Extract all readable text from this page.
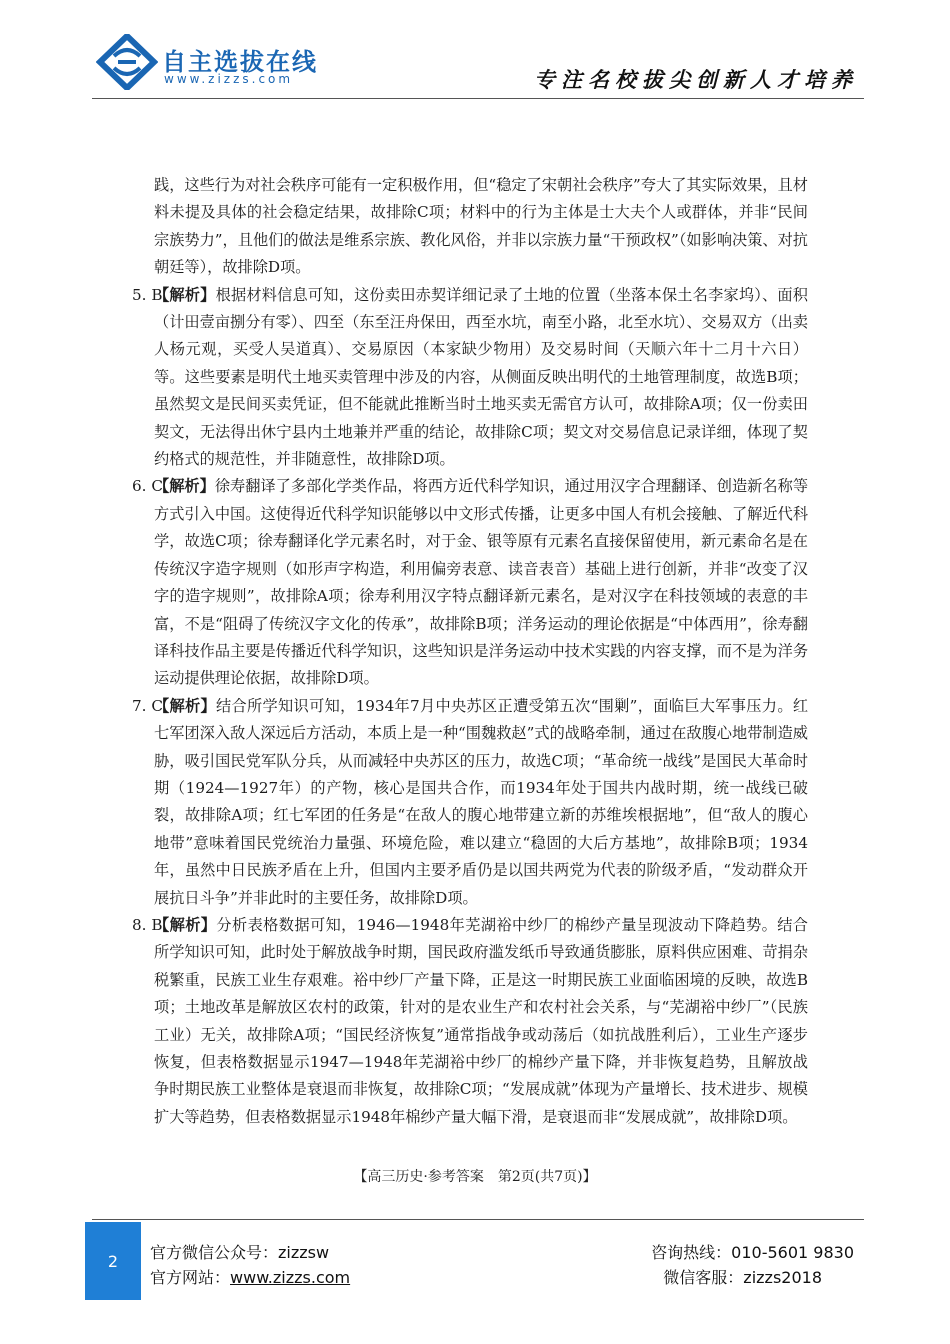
自主选拔在线
www.zizzs.com	专注名校拔尖创新人才培养

践，这些行为对社会秩序可能有一定积极作用，但“稳定了宋朝社会秩序”夸大了其实际效果，且材料未提及具体的社会稳定结果，故排除C项；材料中的行为主体是士大夫个人或群体，并非“民间宗族势力”，且他们的做法是维系宗族、教化风俗，并非以宗族力量“干预政权”（如影响决策、对抗朝廷等），故排除D项。

5. B
【解析】根据材料信息可知，这份卖田赤契详细记录了土地的位置（坐落本保土名李家坞）、面积（计田壹亩捌分有零）、四至（东至汪舟保田，西至水坑，南至小路，北至水坑）、交易双方（出卖人杨元观，买受人吴道真）、交易原因（本家缺少物用）及交易时间（天顺六年十二月十六日）等。这些要素是明代土地买卖管理中涉及的内容，从侧面反映出明代的土地管理制度，故选B项；虽然契文是民间买卖凭证，但不能就此推断当时土地买卖无需官方认可，故排除A项；仅一份卖田契文，无法得出休宁县内土地兼并严重的结论，故排除C项；契文对交易信息记录详细，体现了契约格式的规范性，并非随意性，故排除D项。

6. C
【解析】徐寿翻译了多部化学类作品，将西方近代科学知识，通过用汉字合理翻译、创造新名称等方式引入中国。这使得近代科学知识能够以中文形式传播，让更多中国人有机会接触、了解近代科学，故选C项；徐寿翻译化学元素名时，对于金、银等原有元素名直接保留使用，新元素命名是在传统汉字造字规则（如形声字构造，利用偏旁表意、读音表音）基础上进行创新，并非“改变了汉字的造字规则”，故排除A项；徐寿利用汉字特点翻译新元素名，是对汉字在科技领域的表意的丰富，不是“阻碍了传统汉字文化的传承”，故排除B项；洋务运动的理论依据是“中体西用”，徐寿翻译科技作品主要是传播近代科学知识，这些知识是洋务运动中技术实践的内容支撑，而不是为洋务运动提供理论依据，故排除D项。

7. C
【解析】结合所学知识可知，1934年7月中央苏区正遭受第五次“围剿”，面临巨大军事压力。红七军团深入敌人深远后方活动，本质上是一种“围魏救赵”式的战略牵制，通过在敌腹心地带制造威胁，吸引国民党军队分兵，从而减轻中央苏区的压力，故选C项；“革命统一战线”是国民大革命时期（1924—1927年）的产物，核心是国共合作，而1934年处于国共内战时期，统一战线已破裂，故排除A项；红七军团的任务是“在敌人的腹心地带建立新的苏维埃根据地”，但“敌人的腹心地带”意味着国民党统治力量强、环境危险，难以建立“稳固的大后方基地”，故排除B项；1934年，虽然中日民族矛盾在上升，但国内主要矛盾仍是以国共两党为代表的阶级矛盾，“发动群众开展抗日斗争”并非此时的主要任务，故排除D项。

8. B
【解析】分析表格数据可知，1946—1948年芜湖裕中纱厂的棉纱产量呈现波动下降趋势。结合所学知识可知，此时处于解放战争时期，国民政府滥发纸币导致通货膨胀，原料供应困难、苛捐杂税繁重，民族工业生存艰难。裕中纱厂产量下降，正是这一时期民族工业面临困境的反映，故选B项；土地改革是解放区农村的政策，针对的是农业生产和农村社会关系，与“芜湖裕中纱厂”（民族工业）无关，故排除A项；“国民经济恢复”通常指战争或动荡后（如抗战胜利后），工业生产逐步恢复，但表格数据显示1947—1948年芜湖裕中纱厂的棉纱产量下降，并非恢复趋势，且解放战争时期民族工业整体是衰退而非恢复，故排除C项；“发展成就”体现为产量增长、技术进步、规模扩大等趋势，但表格数据显示1948年棉纱产量大幅下滑，是衰退而非“发展成就”，故排除D项。

【高三历史·参考答案　第2页(共7页)】
2	官方微信公众号：zizzsw
官方网站：www.zizzs.com
咨询热线：010-5601 9830
微信客服：zizzs2018
